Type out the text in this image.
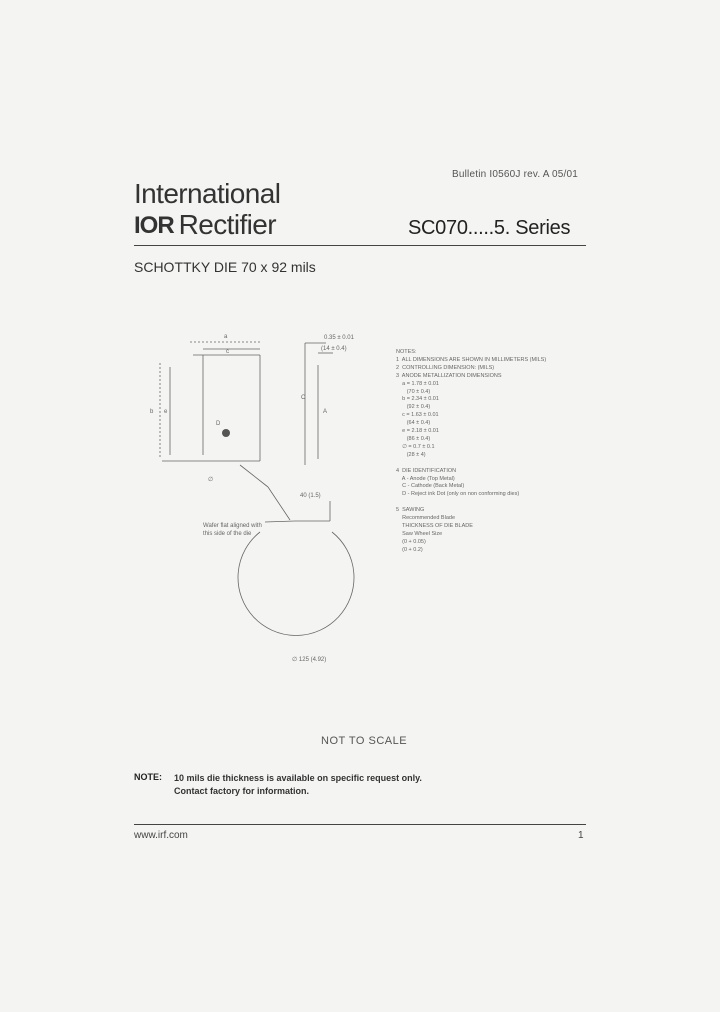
Bulletin I0560J rev. A 05/01
International
IOR Rectifier	SC070.....5. Series
SCHOTTKY DIE 70 x 92 mils
a
c
b e
D
C
A
0.35 ± 0.01
(14 ± 0.4)
∅
40 (1.5)
Wafer flat aligned with
this side of the die
∅ 125 (4.92)
NOTES:
1  ALL DIMENSIONS ARE SHOWN IN MILLIMETERS (MILS)
2  CONTROLLING DIMENSION: (MILS)
3  ANODE METALLIZATION DIMENSIONS
a = 1.78 ± 0.01
(70 ± 0.4)
b = 2.34 ± 0.01
(92 ± 0.4)
c = 1.63 ± 0.01
(64 ± 0.4)
e = 2.18 ± 0.01
(86 ± 0.4)
∅ = 0.7 ± 0.1
(28 ± 4)

4  DIE IDENTIFICATION
A - Anode (Top Metal)
C - Cathode (Back Metal)
D - Reject ink Dot (only on non conforming dies)

5  SAWING
Recommended Blade
THICKNESS OF DIE BLADE
Saw Wheel Size
(0 + 0.05)
(0 + 0.2)
NOT TO SCALE
NOTE: 10 mils die thickness is available on specific request only.
Contact factory for information.
www.irf.com	1
